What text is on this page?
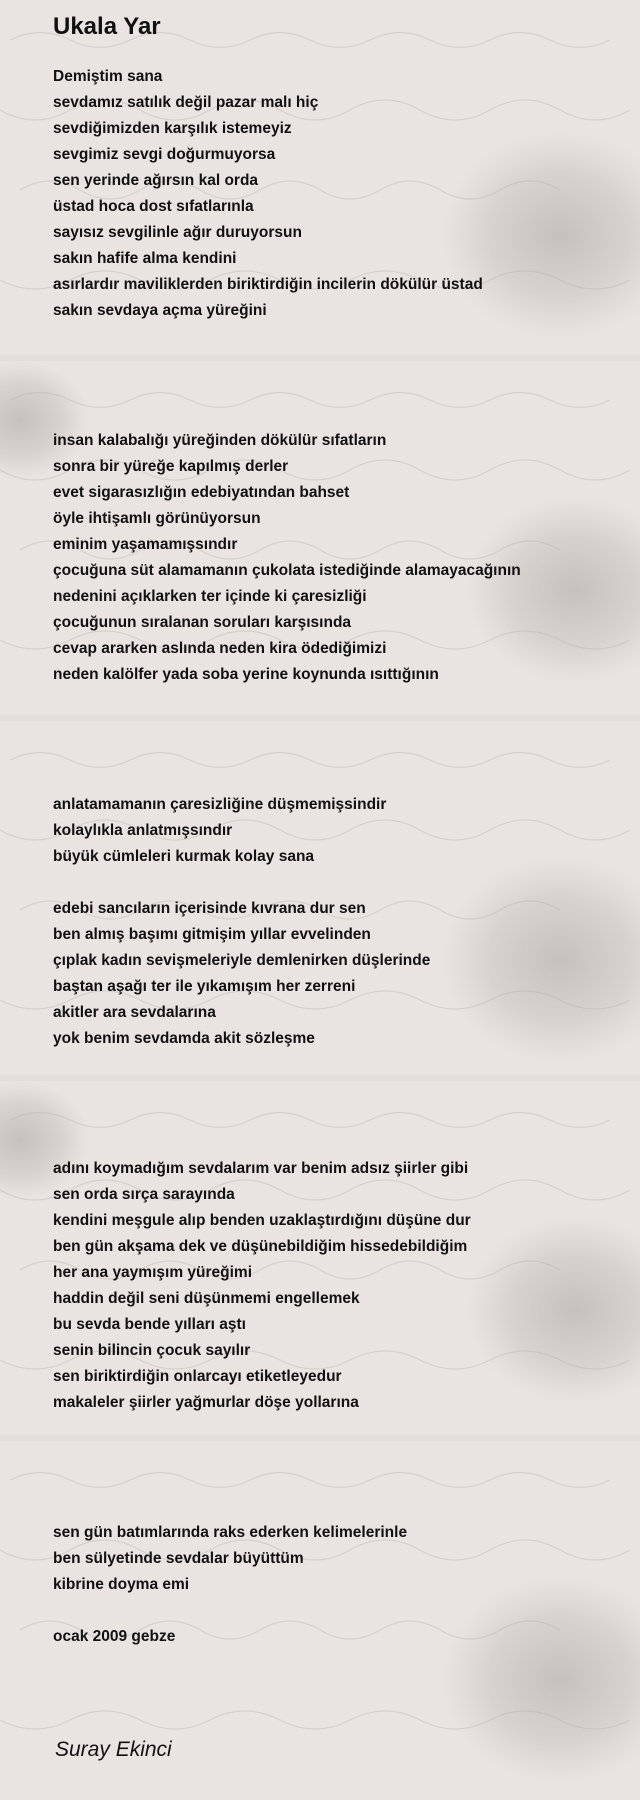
Ukala Yar
Demiştim sana
sevdamız satılık değil pazar malı hiç
sevdiğimizden karşılık istemeyiz
sevgimiz sevgi doğurmuyorsa
sen yerinde ağırsın kal orda
üstad hoca dost sıfatlarınla
sayısız sevgilinle ağır duruyorsun
sakın hafife alma kendini
asırlardır maviliklerden biriktirdiğin incilerin dökülür üstad
sakın sevdaya açma yüreğini
insan kalabalığı yüreğinden dökülür sıfatların
sonra bir yüreğe kapılmış derler
evet sigarasızlığın edebiyatından bahset
öyle ihtişamlı görünüyorsun
eminim yaşamamışsındır
çocuğuna süt alamamanın çukolata istediğinde alamayacağının
nedenini açıklarken ter içinde ki çaresizliği
çocuğunun sıralanan soruları karşısında
cevap ararken aslında neden kira ödediğimizi
neden kalölfer yada soba yerine koynunda ısıttığının
anlatamamanın çaresizliğine düşmemişsindir
kolaylıkla anlatmışsındır
büyük cümleleri kurmak kolay sana
edebi sancıların içerisinde kıvrana dur sen
ben almış başımı gitmişim yıllar evvelinden
çıplak kadın sevişmeleriyle demlenirken düşlerinde
baştan aşağı ter ile yıkamışım her zerreni
akitler ara sevdalarına
yok benim sevdamda akit sözleşme
adını koymadığım sevdalarım var benim adsız şiirler gibi
sen orda sırça sarayında
kendini meşgule alıp benden uzaklaştırdığını düşüne dur
ben gün akşama dek ve düşünebildiğim hissedebildiğim
her ana yaymışım yüreğimi
haddin değil seni düşünmemi engellemek
bu sevda bende yılları aştı
senin bilincin çocuk sayılır
sen biriktirdiğin onlarcayı etiketleyedur
makaleler şiirler yağmurlar döşe yollarına
sen gün batımlarında raks ederken kelimelerinle
ben sülyetinde sevdalar büyüttüm
kibrine doyma emi
ocak 2009 gebze
Suray Ekinci
